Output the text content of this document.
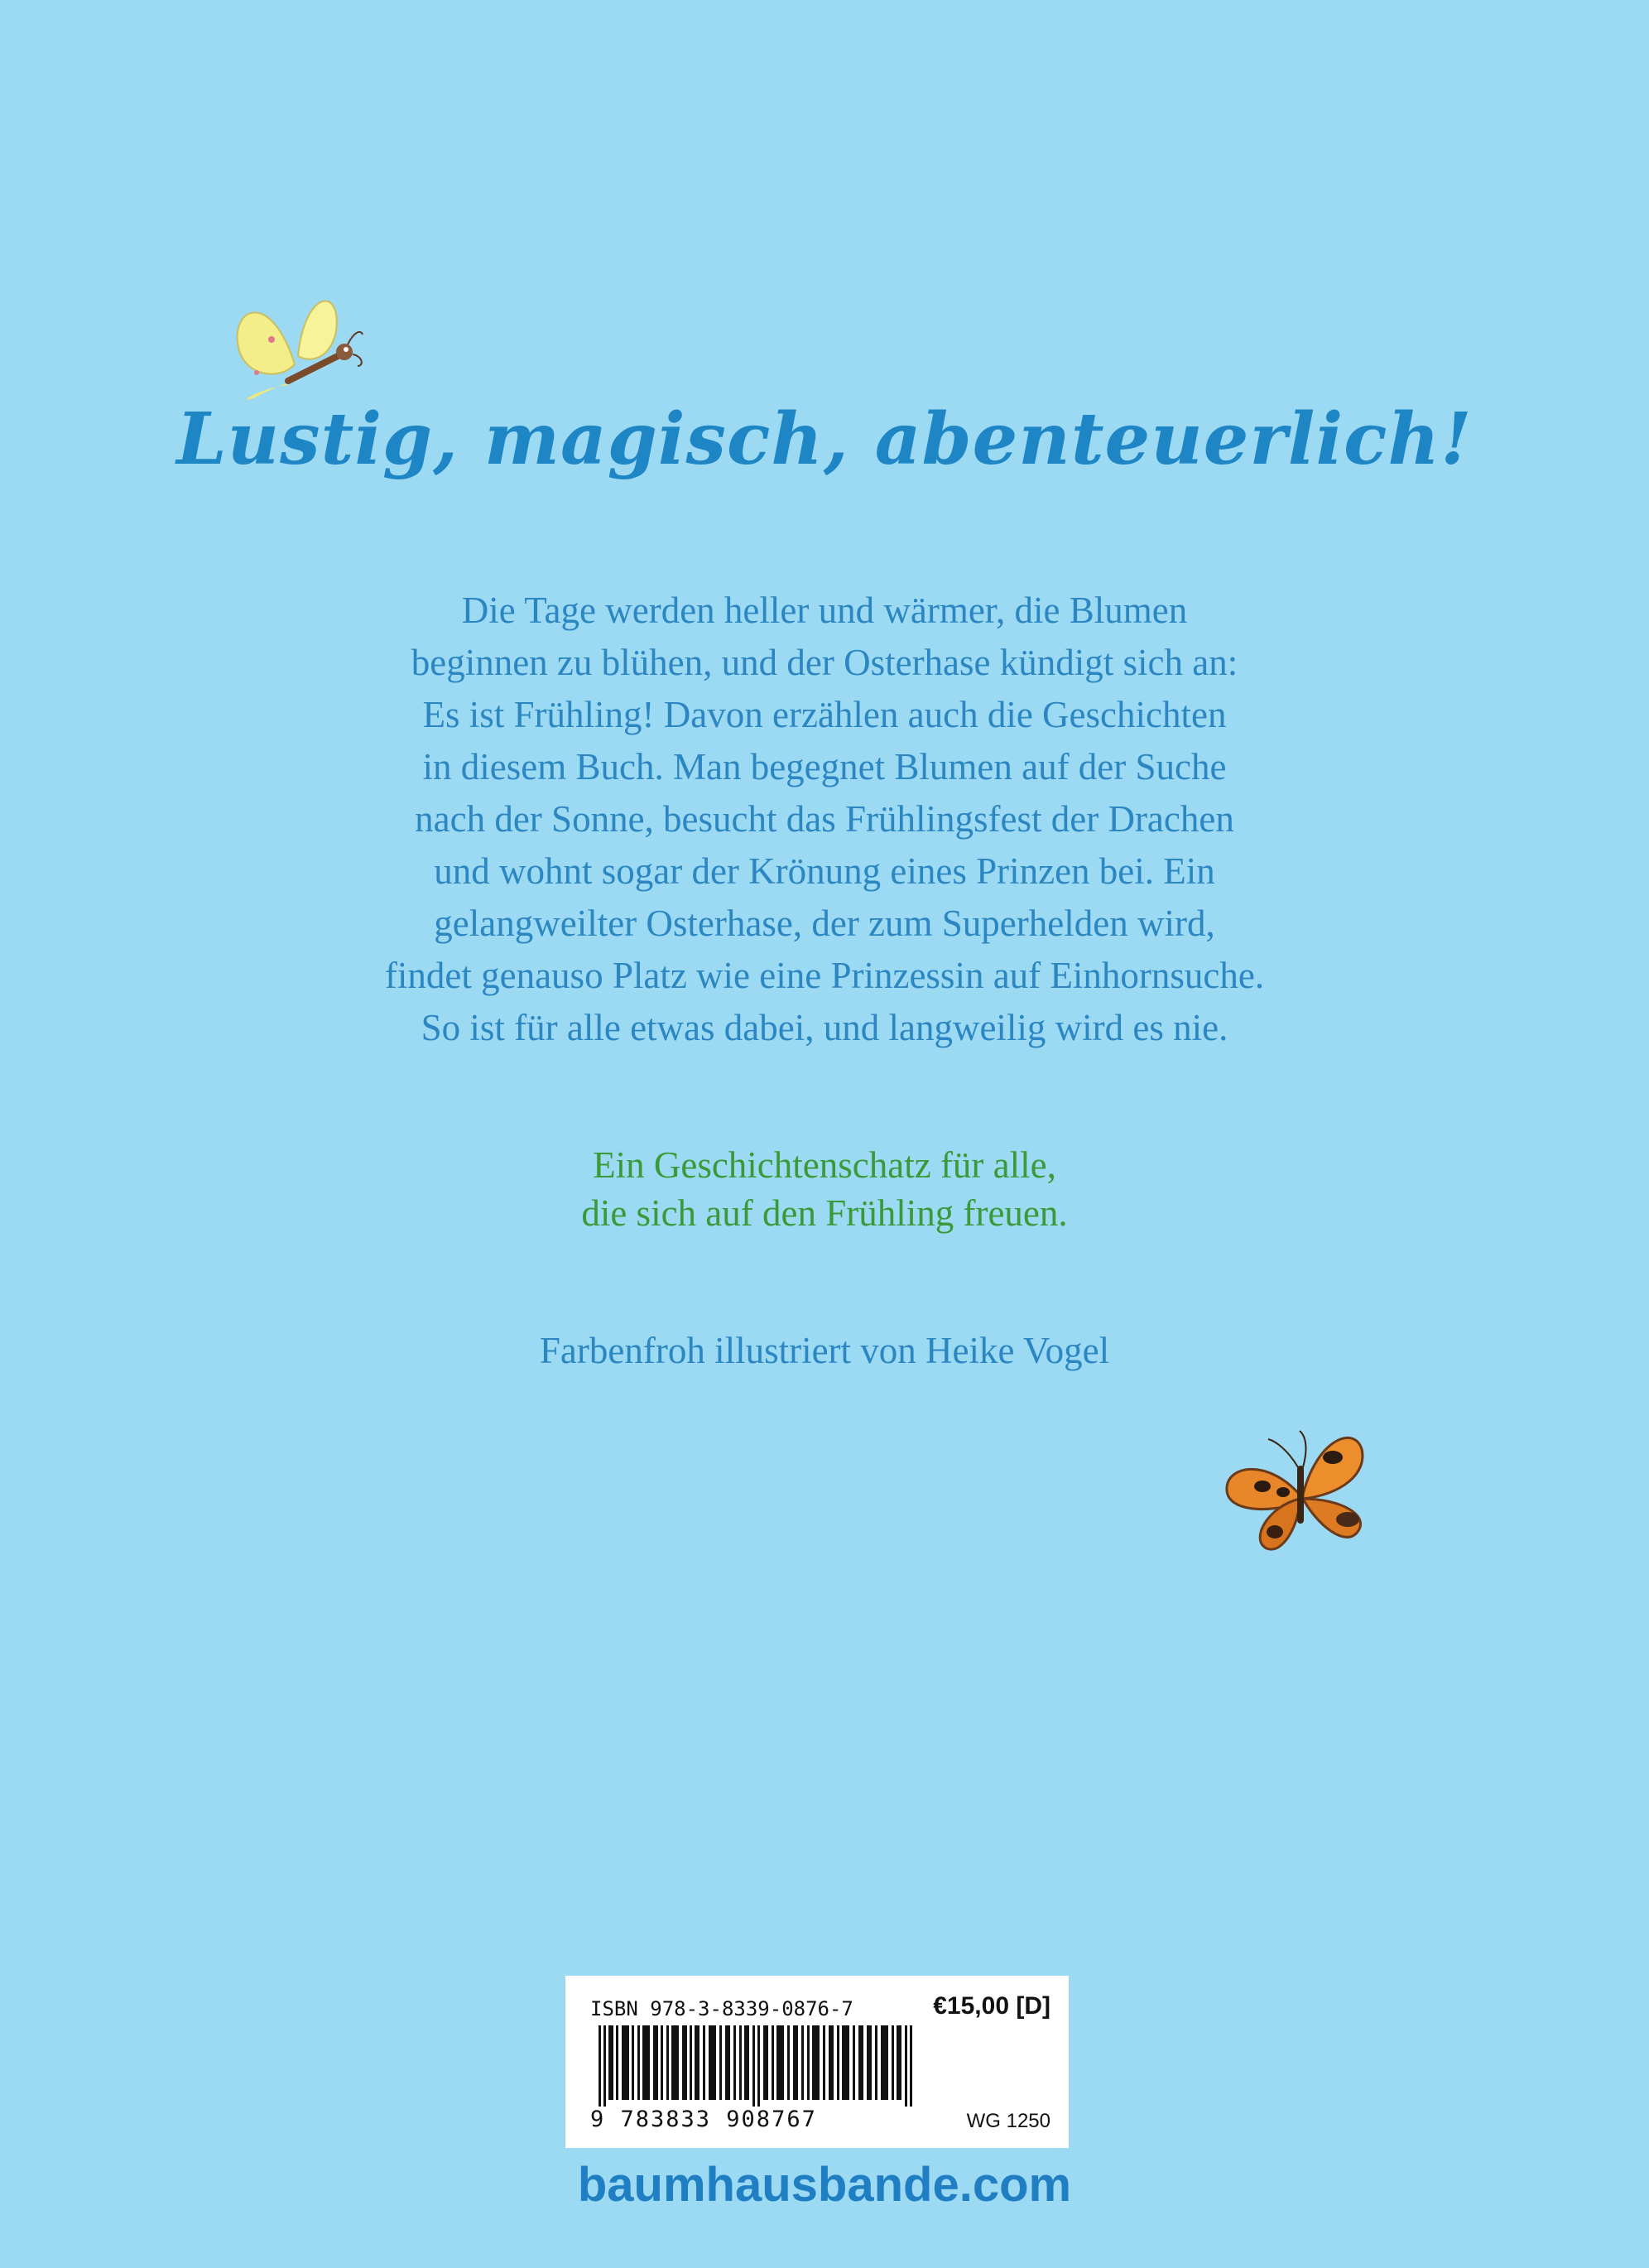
Lustig, magisch, abenteuerlich!
Die Tage werden heller und wärmer, die Blumen
beginnen zu blühen, und der Osterhase kündigt sich an:
Es ist Frühling! Davon erzählen auch die Geschichten
in diesem Buch. Man begegnet Blumen auf der Suche
nach der Sonne, besucht das Frühlingsfest der Drachen
und wohnt sogar der Krönung eines Prinzen bei. Ein
gelangweilter Osterhase, der zum Superhelden wird,
findet genauso Platz wie eine Prinzessin auf Einhornsuche.
So ist für alle etwas dabei, und langweilig wird es nie.
Ein Geschichtenschatz für alle,
die sich auf den Frühling freuen.
Farbenfroh illustriert von Heike Vogel
ISBN 978-3-8339-0876-7	€15,00 [D]
9 783833 908767	WG 1250
baumhausbande.com
